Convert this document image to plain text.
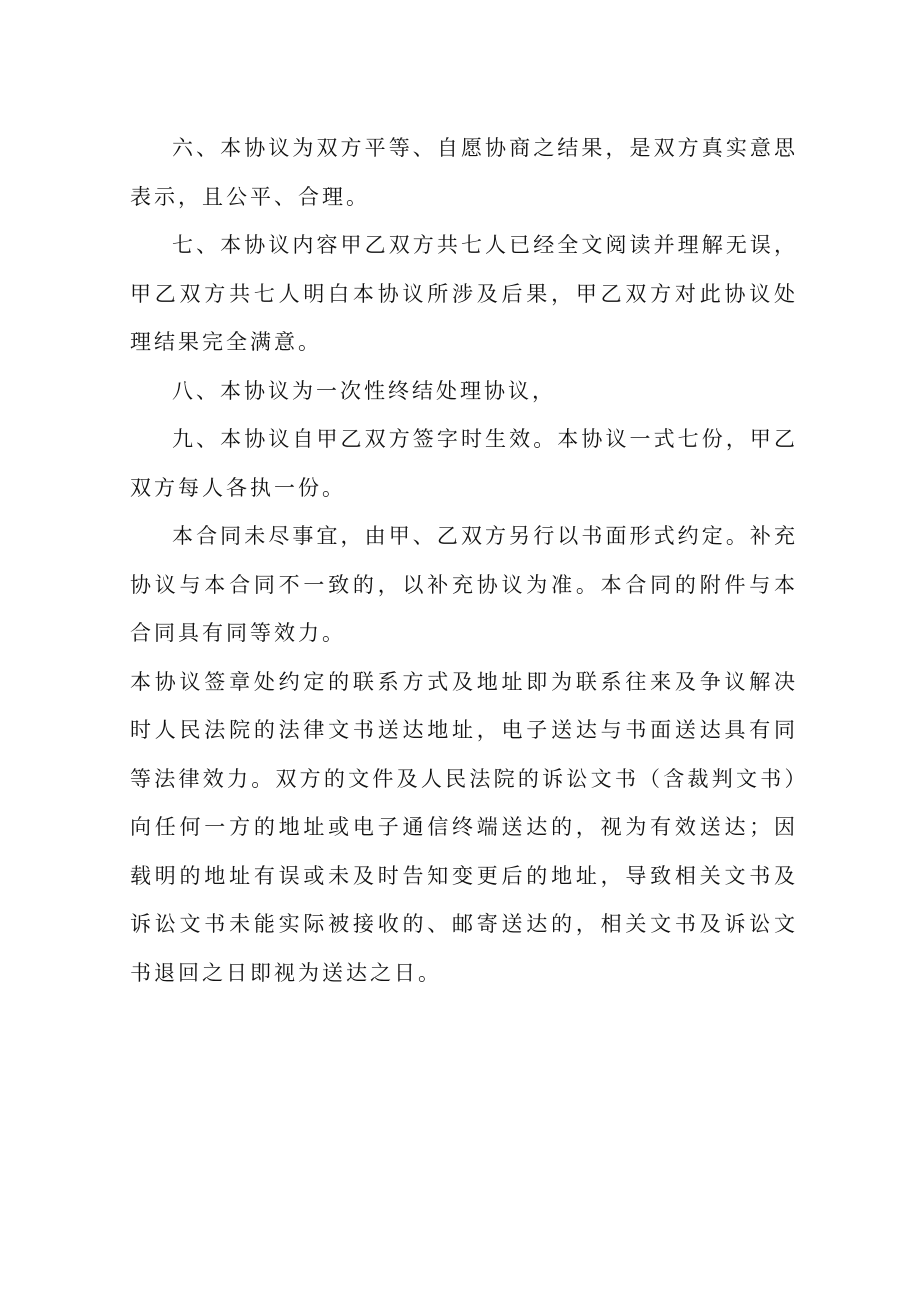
六、本协议为双方平等、自愿协商之结果，是双方真实意思表示，且公平、合理。

七、本协议内容甲乙双方共七人已经全文阅读并理解无误，甲乙双方共七人明白本协议所涉及后果，甲乙双方对此协议处理结果完全满意。

八、本协议为一次性终结处理协议，

九、本协议自甲乙双方签字时生效。本协议一式七份，甲乙双方每人各执一份。

本合同未尽事宜，由甲、乙双方另行以书面形式约定。补充协议与本合同不一致的，以补充协议为准。本合同的附件与本合同具有同等效力。

本协议签章处约定的联系方式及地址即为联系往来及争议解决时人民法院的法律文书送达地址，电子送达与书面送达具有同等法律效力。双方的文件及人民法院的诉讼文书（含裁判文书）向任何一方的地址或电子通信终端送达的，视为有效送达；因载明的地址有误或未及时告知变更后的地址，导致相关文书及诉讼文书未能实际被接收的、邮寄送达的，相关文书及诉讼文书退回之日即视为送达之日。
